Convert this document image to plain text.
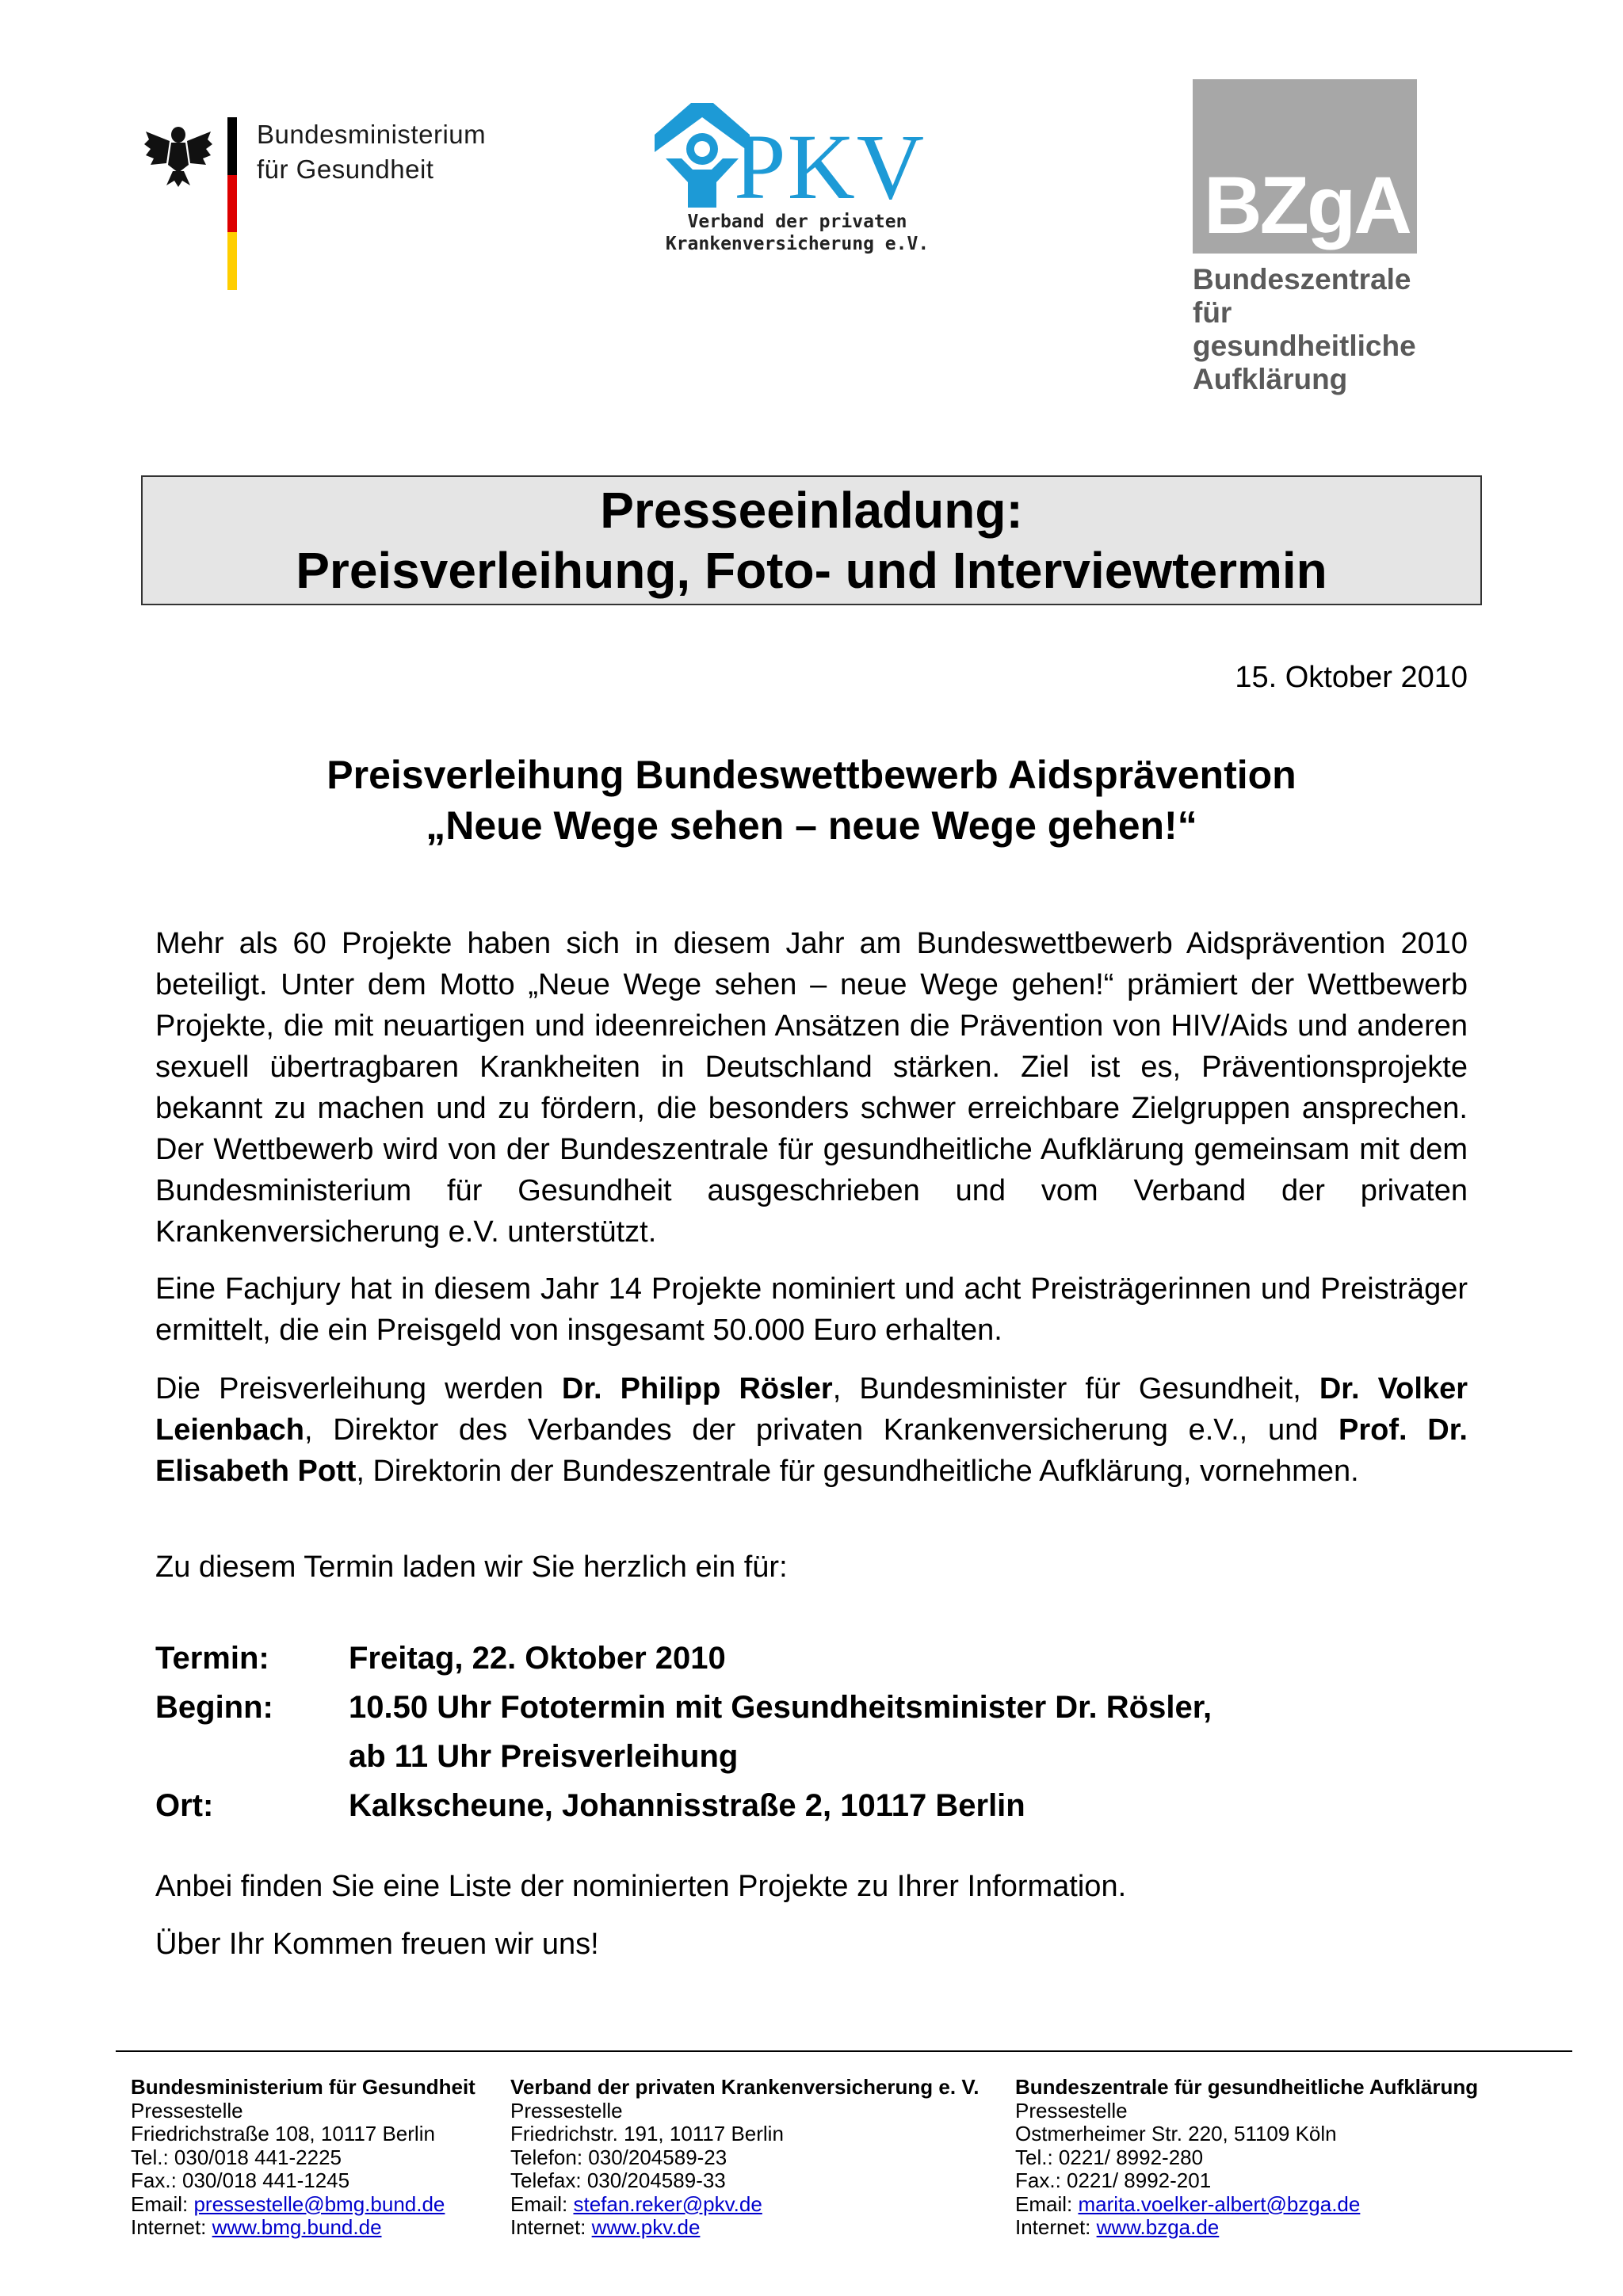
Bundesministerium
für Gesundheit	PKV
Verband der privaten
Krankenversicherung e.V.	BZgA
Bundeszentrale
für
gesundheitliche
Aufklärung
Presseeinladung:
Preisverleihung, Foto- und Interviewtermin
15. Oktober 2010
Preisverleihung Bundeswettbewerb Aidsprävention
„Neue Wege sehen – neue Wege gehen!“

Mehr als 60 Projekte haben sich in diesem Jahr am Bundeswettbewerb Aidsprävention 2010 beteiligt. Unter dem Motto „Neue Wege sehen – neue Wege gehen!“ prämiert der Wettbewerb Projekte, die mit neuartigen und ideenreichen Ansätzen die Prävention von HIV/Aids und anderen sexuell übertragbaren Krankheiten in Deutschland stärken. Ziel ist es, Präventionsprojekte bekannt zu machen und zu fördern, die besonders schwer erreichbare Zielgruppen ansprechen. Der Wettbewerb wird von der Bundeszentrale für gesundheitliche Aufklärung gemeinsam mit dem Bundesministerium für Gesundheit ausgeschrieben und vom Verband der privaten Krankenversicherung e.V. unterstützt.

Eine Fachjury hat in diesem Jahr 14 Projekte nominiert und acht Preisträgerinnen und Preisträger ermittelt, die ein Preisgeld von insgesamt 50.000 Euro erhalten.

Die Preisverleihung werden Dr. Philipp Rösler, Bundesminister für Gesundheit, Dr. Volker Leienbach, Direktor des Verbandes der privaten Krankenversicherung e.V., und Prof. Dr. Elisabeth Pott, Direktorin der Bundeszentrale für gesundheitliche Aufklärung, vornehmen.

Zu diesem Termin laden wir Sie herzlich ein für:

Termin:	Freitag, 22. Oktober 2010
Beginn: 10.50 Uhr Fototermin mit Gesundheitsminister Dr. Rösler,
ab 11 Uhr Preisverleihung
Ort:	Kalkscheune, Johannisstraße 2, 10117 Berlin

Anbei finden Sie eine Liste der nominierten Projekte zu Ihrer Information.

Über Ihr Kommen freuen wir uns!

Bundesministerium für Gesundheit
Pressestelle
Friedrichstraße 108, 10117 Berlin
Tel.: 030/018 441-2225
Fax.: 030/018 441-1245
Email: pressestelle@bmg.bund.de
Internet: www.bmg.bund.de
Verband der privaten Krankenversicherung e. V.
Pressestelle
Friedrichstr. 191, 10117 Berlin
Telefon: 030/204589-23
Telefax: 030/204589-33
Email: stefan.reker@pkv.de
Internet: www.pkv.de
Bundeszentrale für gesundheitliche Aufklärung
Pressestelle
Ostmerheimer Str. 220, 51109 Köln
Tel.: 0221/ 8992-280
Fax.: 0221/ 8992-201
Email: marita.voelker-albert@bzga.de
Internet: www.bzga.de
